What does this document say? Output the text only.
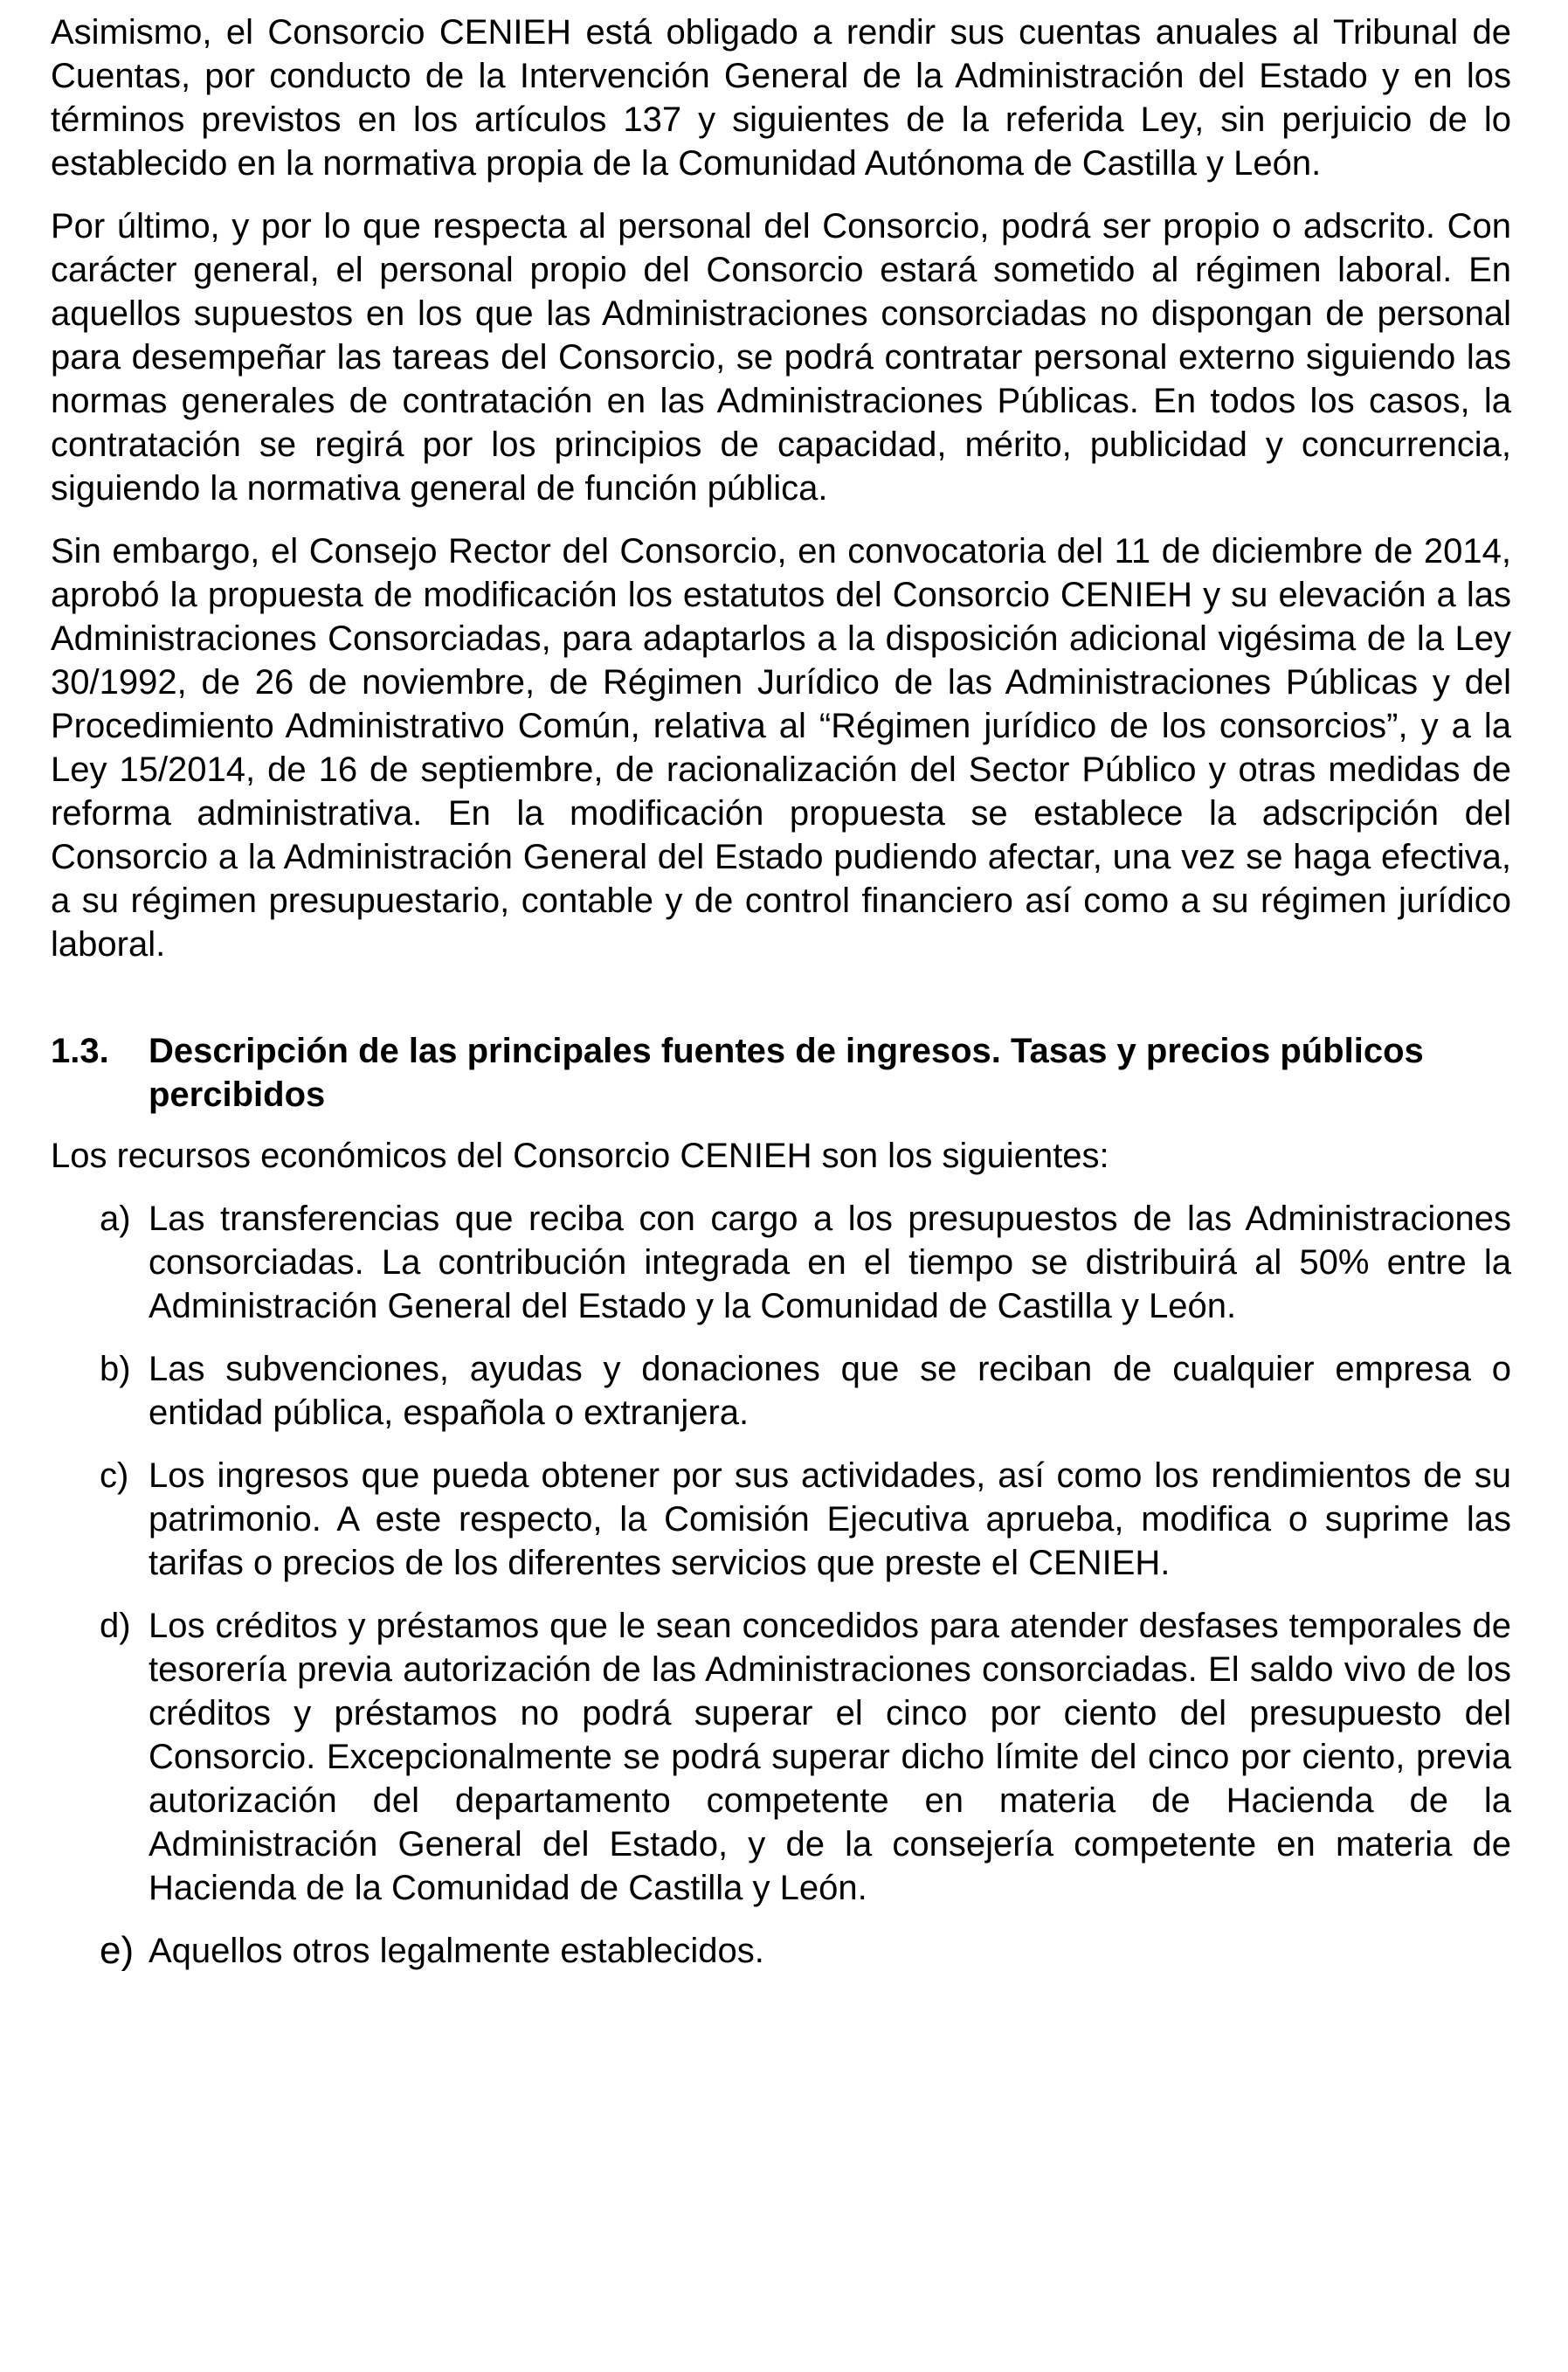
Asimismo, el Consorcio CENIEH está obligado a rendir sus cuentas anuales al Tribunal de Cuentas, por conducto de la Intervención General de la Administración del Estado y en los términos previstos en los artículos 137 y siguientes de la referida Ley, sin perjuicio de lo establecido en la normativa propia de la Comunidad Autónoma de Castilla y León.

Por último, y por lo que respecta al personal del Consorcio, podrá ser propio o adscrito. Con carácter general, el personal propio del Consorcio estará sometido al régimen laboral. En aquellos supuestos en los que las Administraciones consorciadas no dispongan de personal para desempeñar las tareas del Consorcio, se podrá contratar personal externo siguiendo las normas generales de contratación en las Administraciones Públicas. En todos los casos, la contratación se regirá por los principios de capacidad, mérito, publicidad y concurrencia, siguiendo la normativa general de función pública.

Sin embargo, el Consejo Rector del Consorcio, en convocatoria del 11 de diciembre de 2014, aprobó la propuesta de modificación los estatutos del Consorcio CENIEH y su elevación a las Administraciones Consorciadas, para adaptarlos a la disposición adicional vigésima de la Ley 30/1992, de 26 de noviembre, de Régimen Jurídico de las Administraciones Públicas y del Procedimiento Administrativo Común, relativa al “Régimen jurídico de los consorcios”, y a la Ley 15/2014, de 16 de septiembre, de racionalización del Sector Público y otras medidas de reforma administrativa. En la modificación propuesta se establece la adscripción del Consorcio a la Administración General del Estado pudiendo afectar, una vez se haga efectiva, a su régimen presupuestario, contable y de control financiero así como a su régimen jurídico laboral.

1.3.	Descripción de las principales fuentes de ingresos. Tasas y precios públicos percibidos

Los recursos económicos del Consorcio CENIEH son los siguientes:

a) Las transferencias que reciba con cargo a los presupuestos de las Administraciones consorciadas. La contribución integrada en el tiempo se distribuirá al 50% entre la Administración General del Estado y la Comunidad de Castilla y León.
b) Las subvenciones, ayudas y donaciones que se reciban de cualquier empresa o entidad pública, española o extranjera.
c) Los ingresos que pueda obtener por sus actividades, así como los rendimientos de su patrimonio. A este respecto, la Comisión Ejecutiva aprueba, modifica o suprime las tarifas o precios de los diferentes servicios que preste el CENIEH.
d) Los créditos y préstamos que le sean concedidos para atender desfases temporales de tesorería previa autorización de las Administraciones consorciadas. El saldo vivo de los créditos y préstamos no podrá superar el cinco por ciento del presupuesto del Consorcio. Excepcionalmente se podrá superar dicho límite del cinco por ciento, previa autorización del departamento competente en materia de Hacienda de la Administración General del Estado, y de la consejería competente en materia de Hacienda de la Comunidad de Castilla y León.
e) Aquellos otros legalmente establecidos.
